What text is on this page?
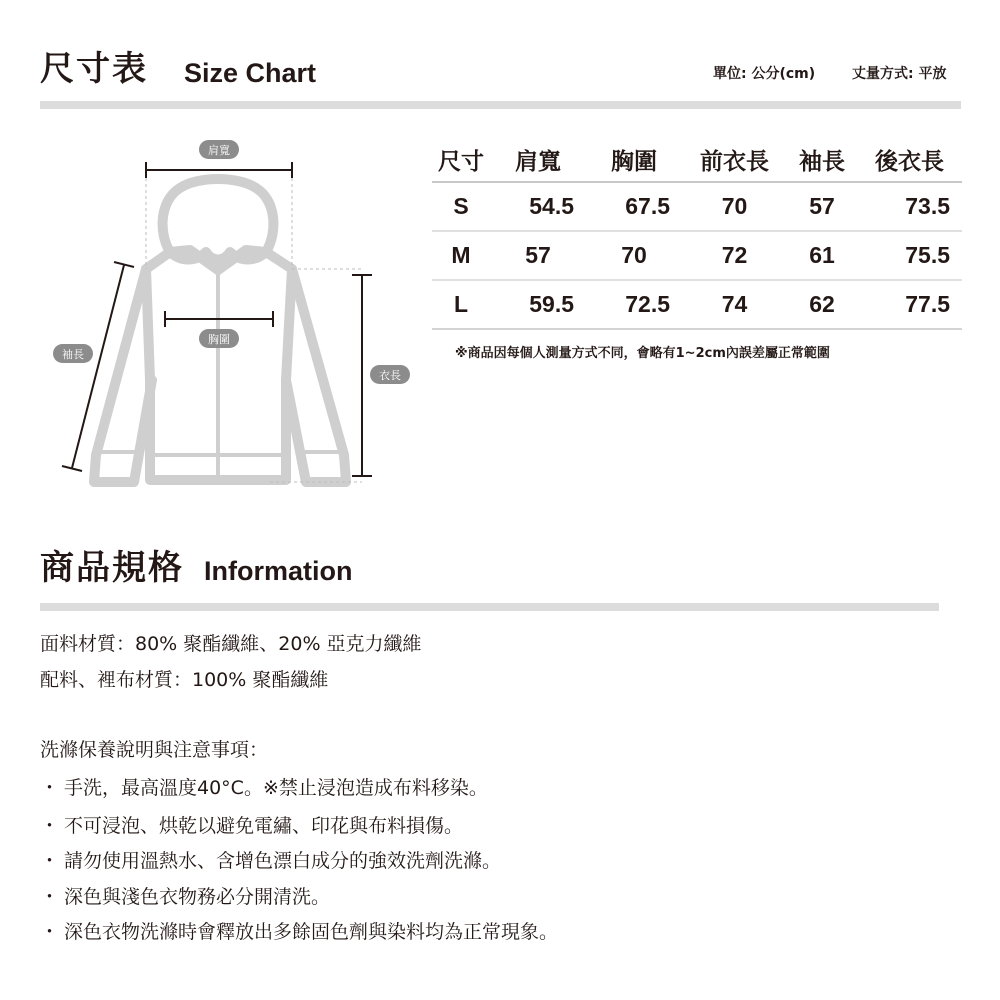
尺寸表 Size Chart	單位: 公分(cm)	丈量方式: 平放
肩寬
胸圍
袖長
衣長
尺寸	肩寬	胸圍	前衣長	袖長	後衣長
S	54.5	67.5	70	57	73.5
M	57	70	72	61	75.5
L	59.5	72.5	74	62	77.5
※商品因每個人測量方式不同，會略有1~2cm內誤差屬正常範圍
商品規格 Information
面料材質：80% 聚酯纖維、20% 亞克力纖維
配料、裡布材質：100% 聚酯纖維
洗滌保養說明與注意事項：
・ 手洗，最高溫度40°C。※禁止浸泡造成布料移染。
・ 不可浸泡、烘乾以避免電繡、印花與布料損傷。
・ 請勿使用溫熱水、含增色漂白成分的強效洗劑洗滌。
・ 深色與淺色衣物務必分開清洗。
・ 深色衣物洗滌時會釋放出多餘固色劑與染料均為正常現象。
